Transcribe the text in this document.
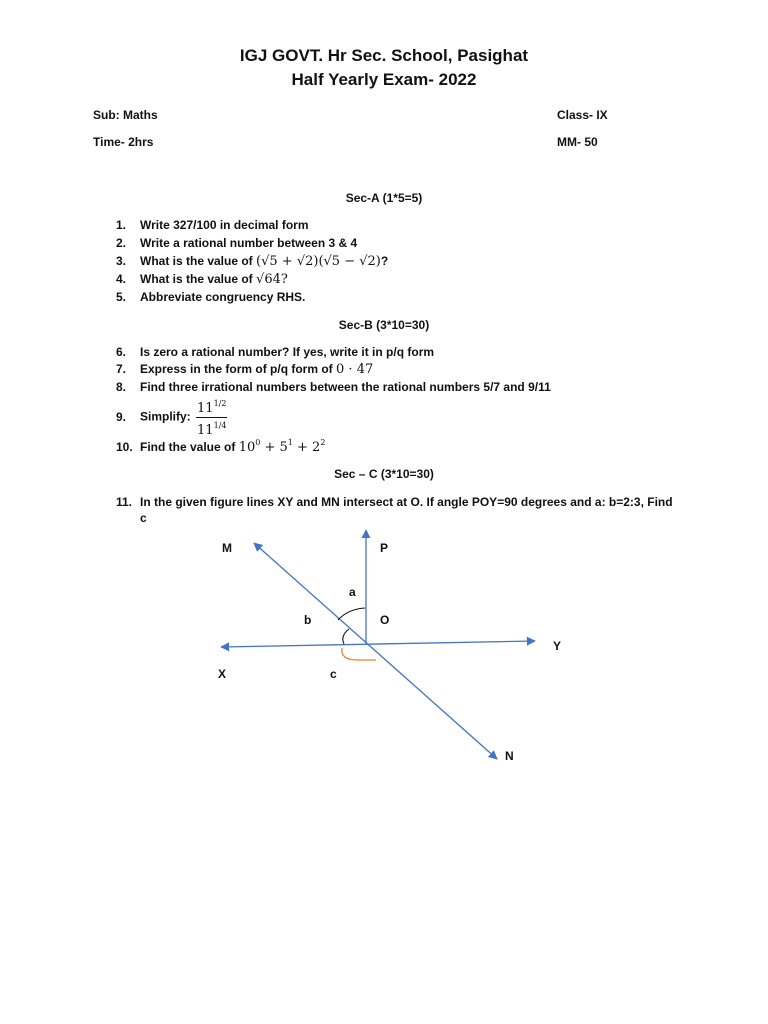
IGJ GOVT. Hr Sec. School, Pasighat
Half Yearly Exam- 2022
Sub: Maths	Class- IX
Time- 2hrs	MM- 50
Sec-A (1*5=5)
1. Write 327/100 in decimal form
2. Write a rational number between 3 & 4
3. What is the value of (√5 + √2)(√5 − √2)?
4. What is the value of √64?
5. Abbreviate congruency RHS.
Sec-B (3*10=30)
6. Is zero a rational number? If yes, write it in p/q form
7. Express in the form of p/q form of 0 · 47
8. Find three irrational numbers between the rational numbers 5/7 and 9/11
9. Simplify: $\frac{11^{1/2}}{11^{1/4}}$
10. Find the value of $10^0 + 5^1 + 2^2$
Sec – C (3*10=30)
11. In the given figure lines XY and MN intersect at O. If angle POY=90 degrees and a: b=2:3, Find
c
M	P
a
b	O
Y
X	c
N
